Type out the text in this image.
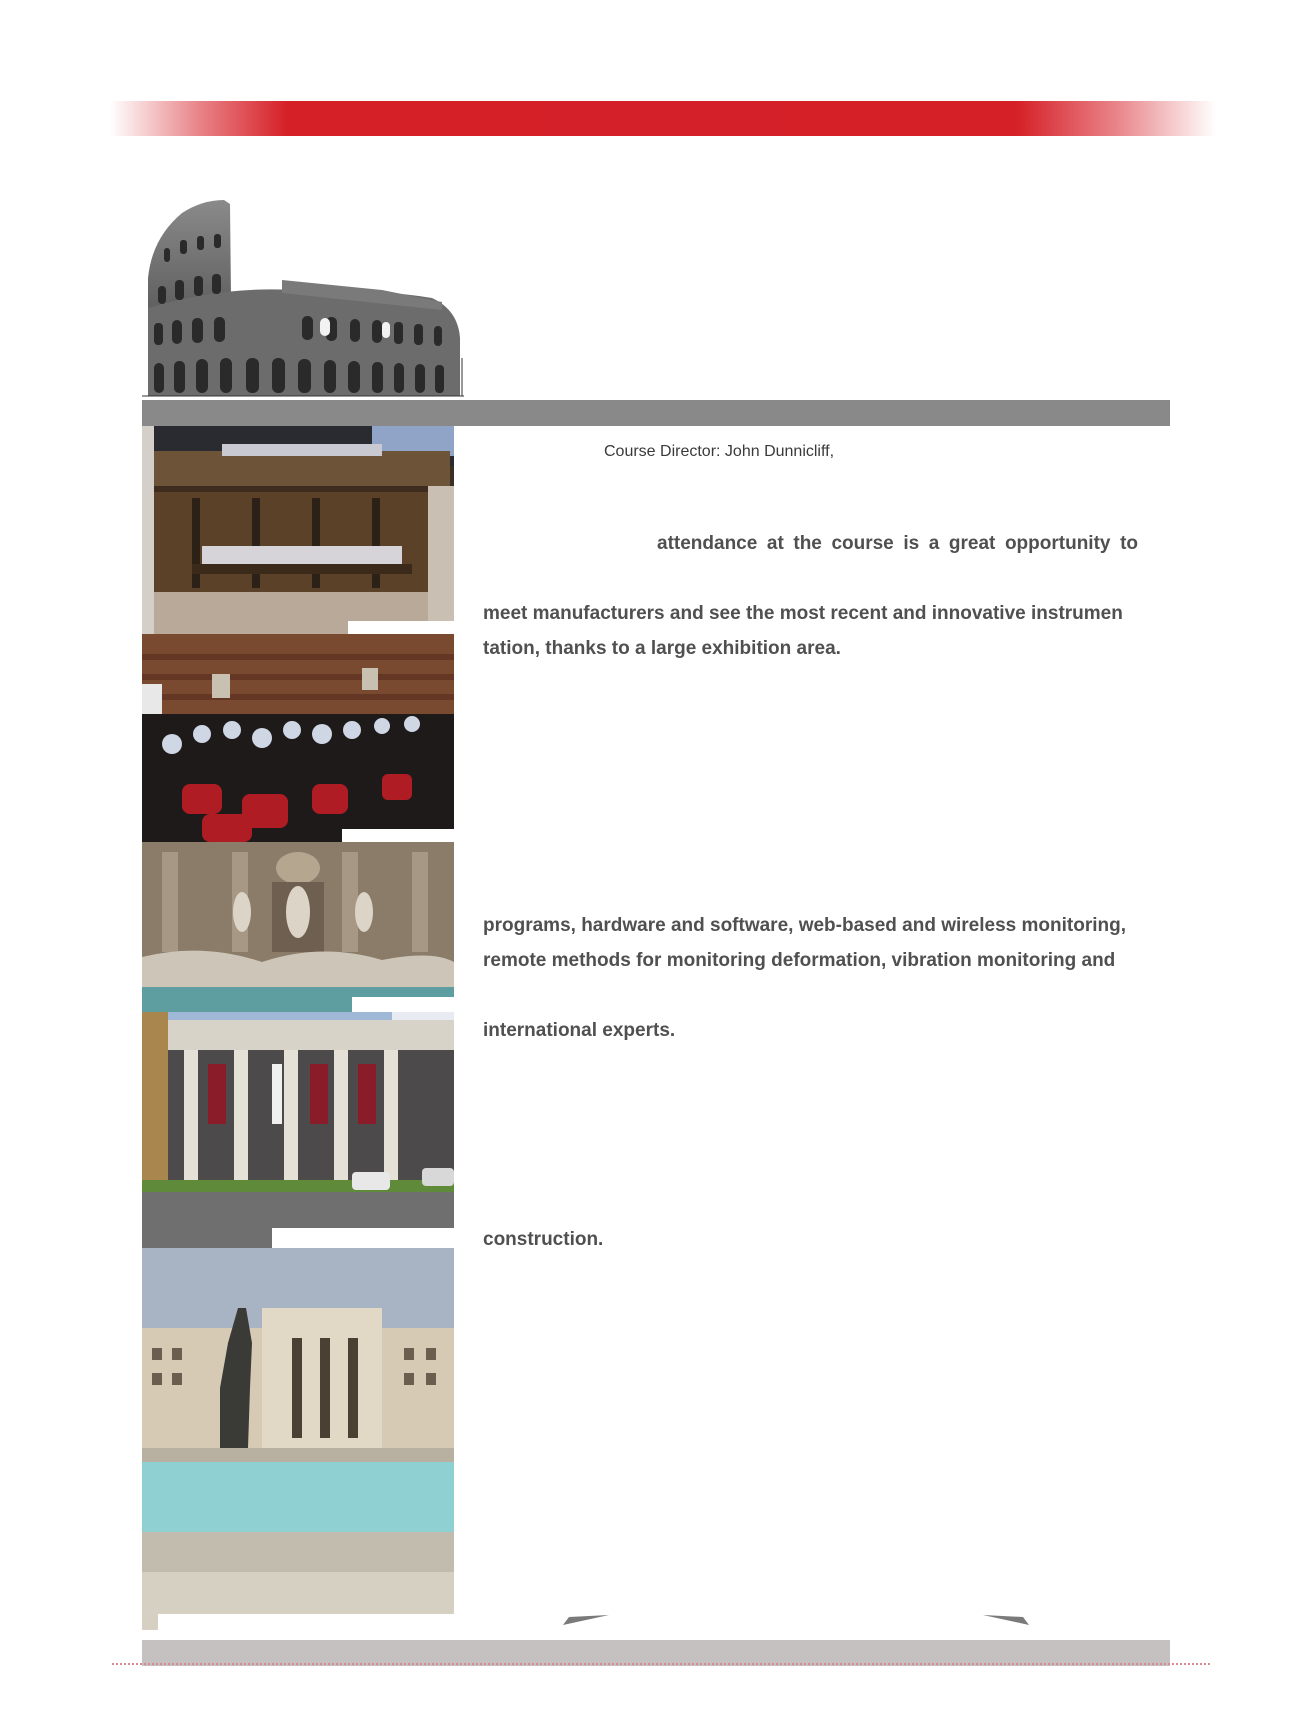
Course Director: John Dunnicliff,
attendance at the course is a great opportunity to
meet manufacturers and see the most recent and innovative instrumen
tation, thanks to a large exhibition area.
programs, hardware and software, web-based and wireless monitoring,
remote methods for monitoring deformation, vibration monitoring and
international experts.
construction.
